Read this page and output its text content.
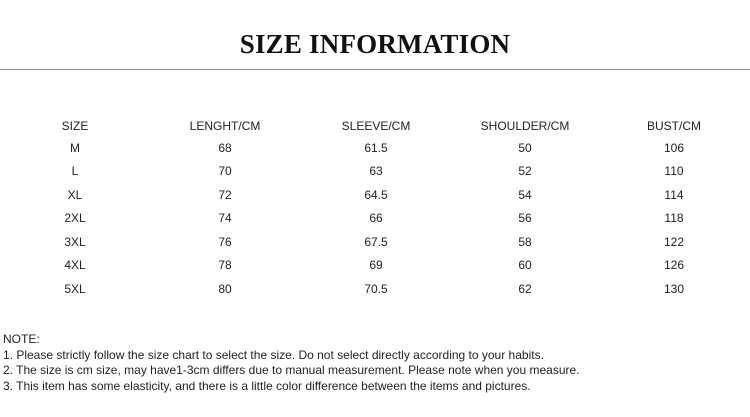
SIZE INFORMATION
SIZE	LENGHT/CM	SLEEVE/CM	SHOULDER/CM	BUST/CM
M	68	61.5	50	106
L	70	63	52	110
XL	72	64.5	54	114
2XL	74	66	56	118
3XL	76	67.5	58	122
4XL	78	69	60	126
5XL	80	70.5	62	130
NOTE:
1. Please strictly follow the size chart to select the size. Do not select directly according to your habits.
2. The size is cm size, may have1-3cm differs due to manual measurement. Please note when you measure.
3. This item has some elasticity, and there is a little color difference between the items and pictures.
